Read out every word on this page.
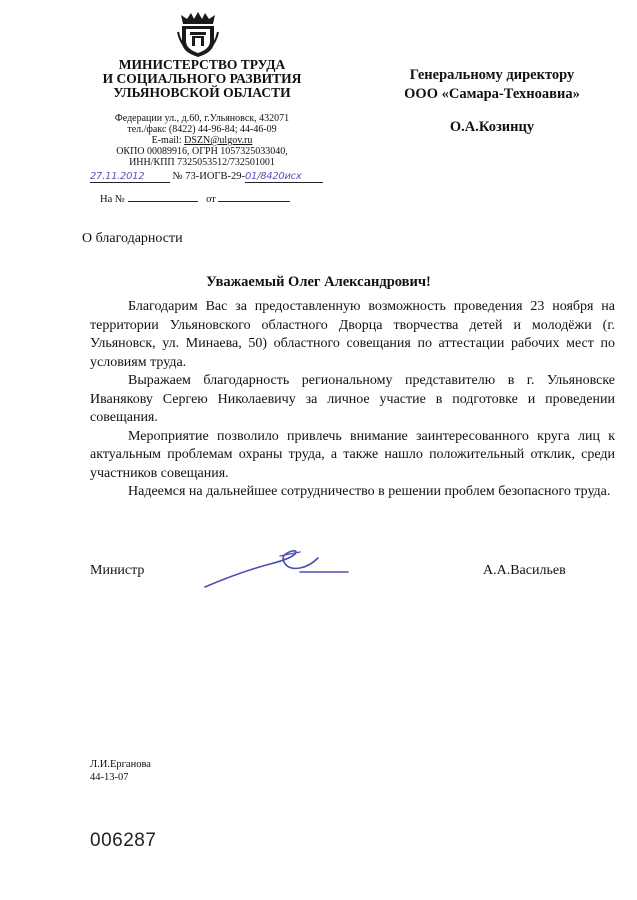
МИНИСТЕРСТВО ТРУДА
И СОЦИАЛЬНОГО РАЗВИТИЯ
УЛЬЯНОВСКОЙ ОБЛАСТИ
Федерации ул., д.60, г.Ульяновск, 432071
тел./факс (8422) 44-96-84; 44-46-09
E-mail: DSZN@ulgov.ru
ОКПО 00089916, ОГРН 1057325033040,
ИНН/КПП 7325053512/732501001
27.11.2012	№ 73-ИОГВ-29-01/8420исх
На №	от
Генеральному директору
ООО «Самара-Техноавиа»
О.А.Козинцу
О благодарности
Уважаемый Олег Александрович!

Благодарим Вас за предоставленную возможность проведения 23 ноября на территории Ульяновского областного Дворца творчества детей и молодёжи (г. Ульяновск, ул. Минаева, 50) областного совещания по аттестации рабочих мест по условиям труда.

Выражаем благодарность региональному представителю в г. Ульяновске Иванякову Сергею Николаевичу за личное участие в подготовке и проведении совещания.

Мероприятие позволило привлечь внимание заинтересованного круга лиц к актуальным проблемам охраны труда, а также нашло положительный отклик, среди участников совещания.

Надеемся на дальнейшее сотрудничество в решении проблем безопасного труда.

Министр	А.А.Васильев
Л.И.Ерганова
44-13-07
006287
